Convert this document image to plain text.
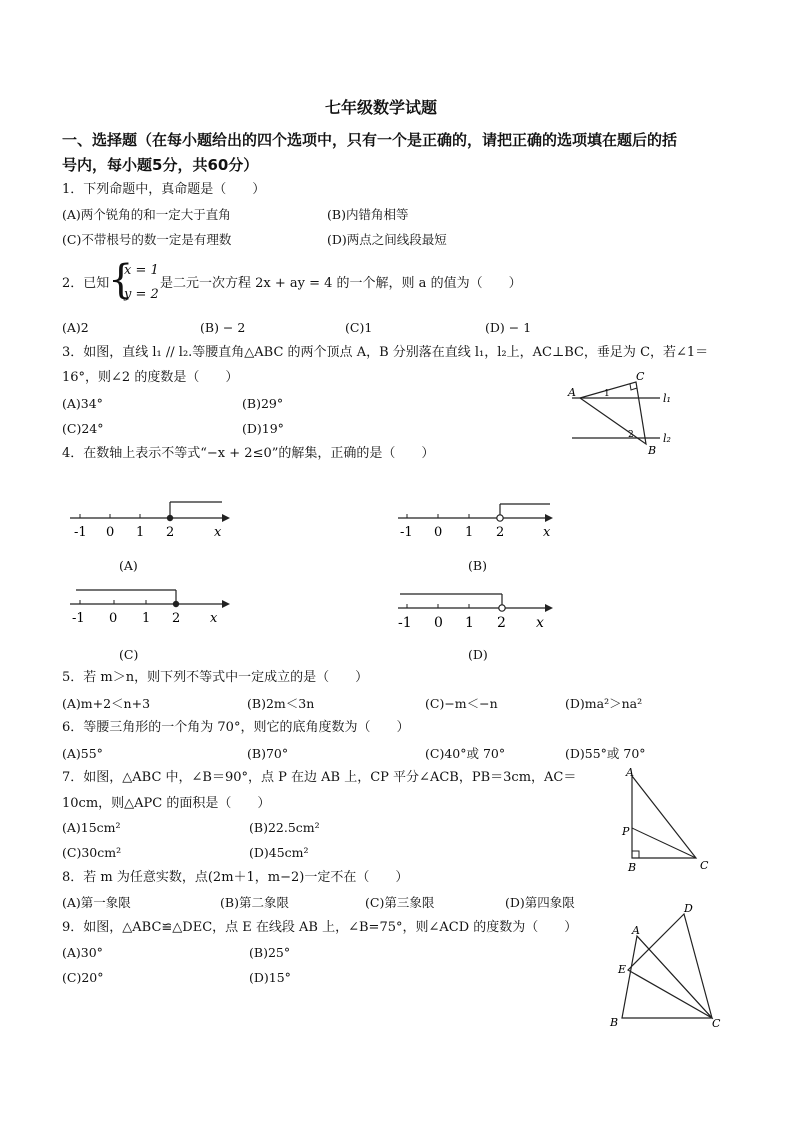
七年级数学试题
一、选择题（在每小题给出的四个选项中，只有一个是正确的，请把正确的选项填在题后的括
号内，每小题5分，共60分）
1．下列命题中，真命题是（　　）
(A)两个锐角的和一定大于直角	(B)内错角相等
(C)不带根号的数一定是有理数	(D)两点之间线段最短
2．已知
{
x = 1
y = 2
是二元一次方程 2x + ay = 4 的一个解，则 a 的值为（　　）
(A)2	(B) − 2	(C)1	(D) − 1
3．如图，直线 l₁ // l₂.等腰直角△ABC 的两个顶点 A，B 分别落在直线 l₁，l₂上，AC⊥BC，垂足为 C，若∠1＝
16°，则∠2 的度数是（　　）
(A)34°	(B)29°
(C)24°	(D)19°
A
C
B
l₁
l₂
1
2
4．在数轴上表示不等式“−x + 2≤0”的解集，正确的是（　　）
-1 0 1 2	x
(A)
-1 0 1 2	x
(B)
-1 0 1 2 x
(C)
-1 0 1 2 x
(D)
5．若 m＞n，则下列不等式中一定成立的是（　　）
(A)m+2＜n+3	(B)2m＜3n	(C)−m＜−n	(D)ma²＞na²
6．等腰三角形的一个角为 70°，则它的底角度数为（　　）
(A)55°	(B)70°	(C)40°或 70°	(D)55°或 70°
7．如图，△ABC 中，∠B＝90°，点 P 在边 AB 上，CP 平分∠ACB，PB＝3cm，AC＝
10cm，则△APC 的面积是（　　）
(A)15cm²	(B)22.5cm²
(C)30cm²	(D)45cm²
A
P
B	C
8．若 m 为任意实数，点(2m＋1，m−2)一定不在（　　）
(A)第一象限	(B)第二象限	(C)第三象限	(D)第四象限
9．如图，△ABC≌△DEC，点 E 在线段 AB 上，∠B=75°，则∠ACD 的度数为（　　）
(A)30°	(B)25°
(C)20°	(D)15°
A
D
E
B	C
